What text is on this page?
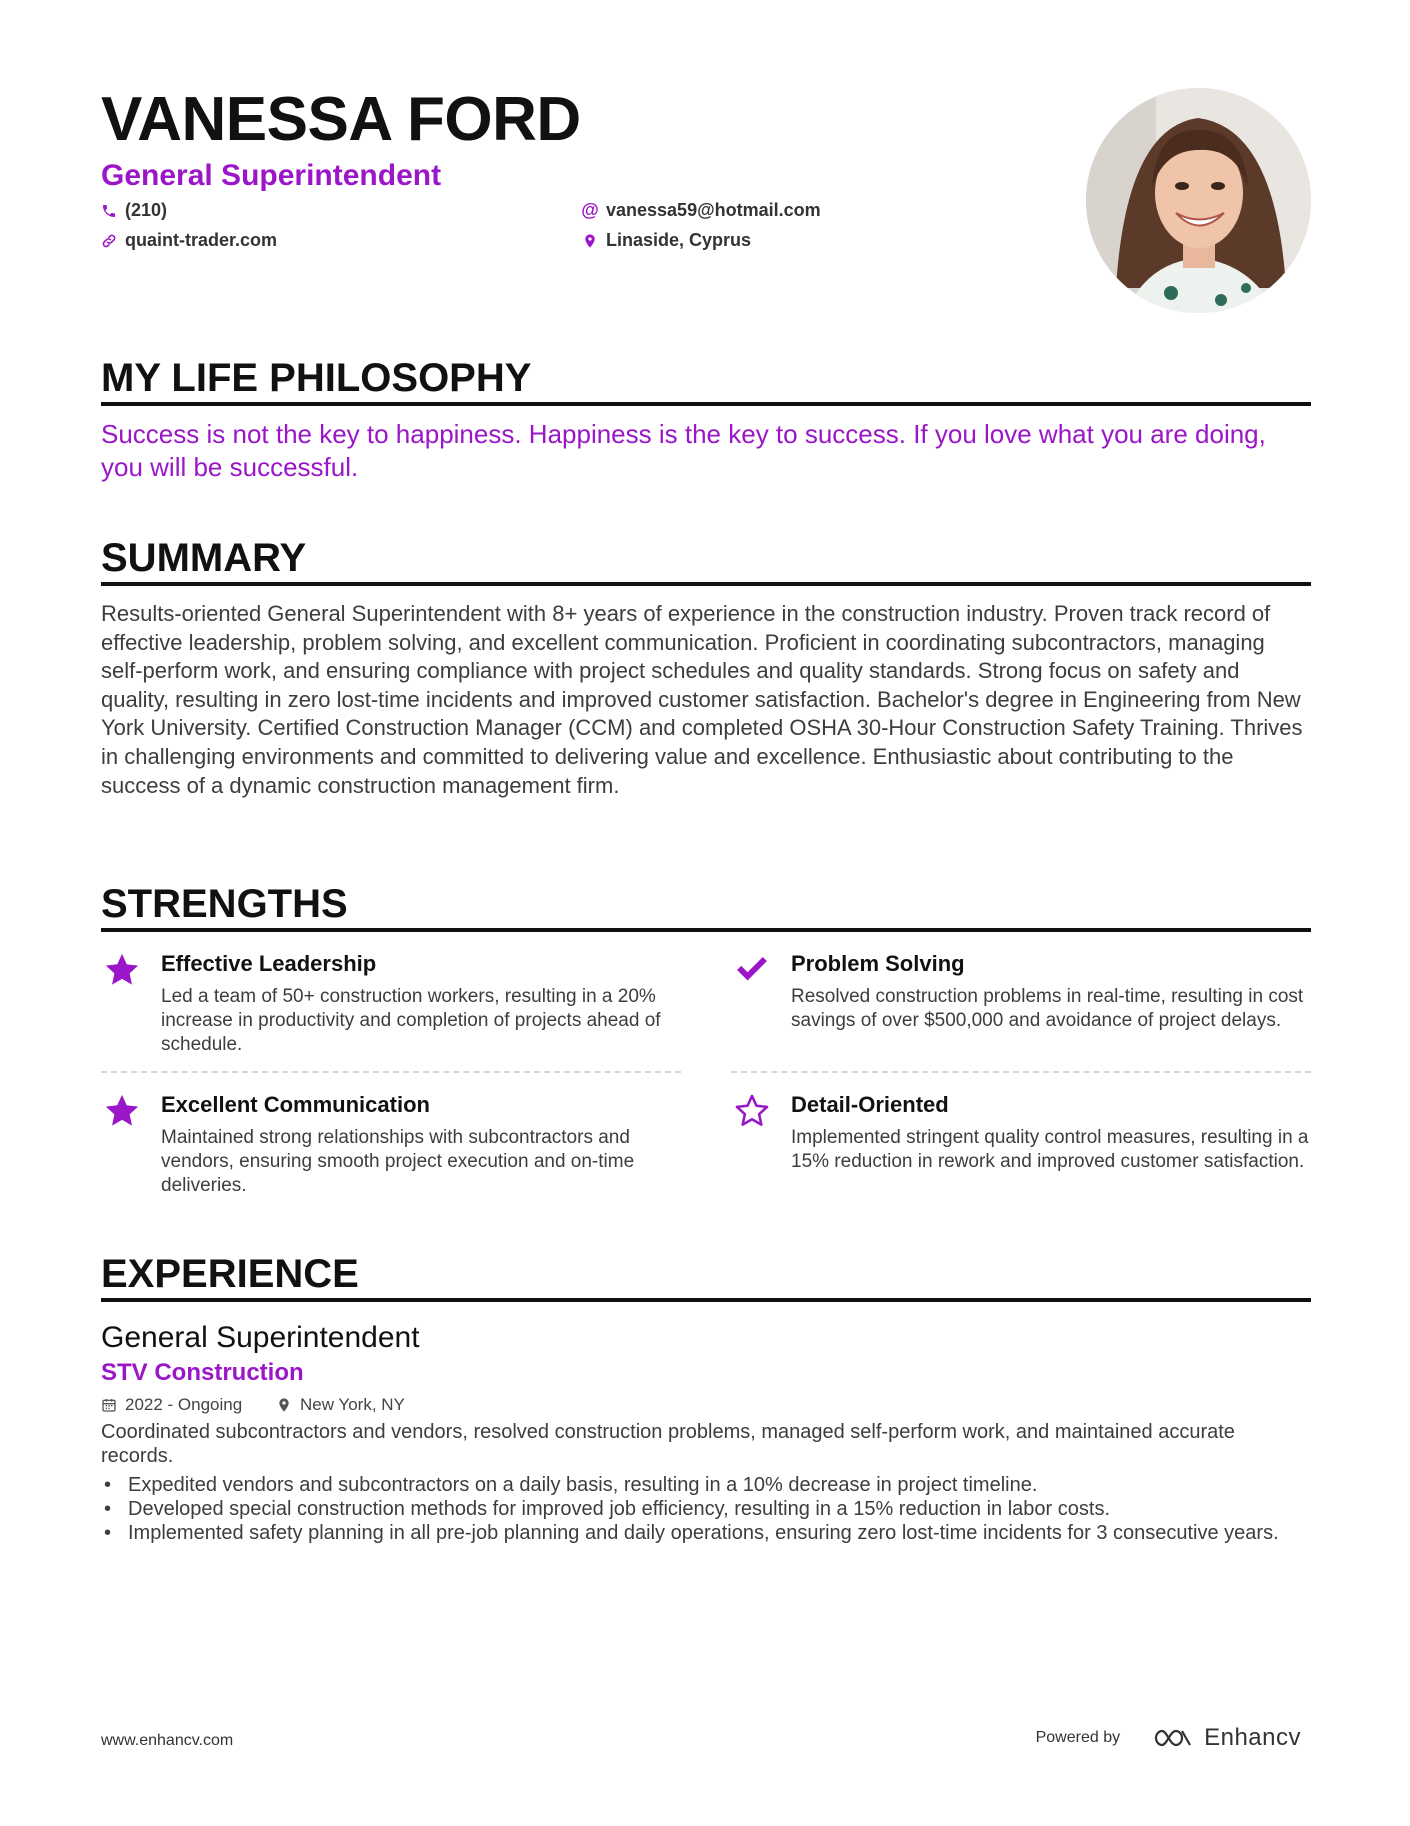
VANESSA FORD
General Superintendent
(210)
quaint-trader.com
@ vanessa59@hotmail.com
Linaside, Cyprus
MY LIFE PHILOSOPHY
Success is not the key to happiness. Happiness is the key to success. If you love what you are doing, you will be successful.
SUMMARY
Results-oriented General Superintendent with 8+ years of experience in the construction industry. Proven track record of effective leadership, problem solving, and excellent communication. Proficient in coordinating subcontractors, managing self-perform work, and ensuring compliance with project schedules and quality standards. Strong focus on safety and quality, resulting in zero lost-time incidents and improved customer satisfaction. Bachelor's degree in Engineering from New York University. Certified Construction Manager (CCM) and completed OSHA 30-Hour Construction Safety Training. Thrives in challenging environments and committed to delivering value and excellence. Enthusiastic about contributing to the success of a dynamic construction management firm.
STRENGTHS
Effective Leadership
Led a team of 50+ construction workers, resulting in a 20% increase in productivity and completion of projects ahead of schedule.
Problem Solving
Resolved construction problems in real-time, resulting in cost savings of over $500,000 and avoidance of project delays.
Excellent Communication
Maintained strong relationships with subcontractors and vendors, ensuring smooth project execution and on-time deliveries.
Detail-Oriented
Implemented stringent quality control measures, resulting in a 15% reduction in rework and improved customer satisfaction.
EXPERIENCE
General Superintendent
STV Construction
2022 - Ongoing	New York, NY
Coordinated subcontractors and vendors, resolved construction problems, managed self-perform work, and maintained accurate records.
• Expedited vendors and subcontractors on a daily basis, resulting in a 10% decrease in project timeline.
• Developed special construction methods for improved job efficiency, resulting in a 15% reduction in labor costs.
• Implemented safety planning in all pre-job planning and daily operations, ensuring zero lost-time incidents for 3 consecutive years.
www.enhancv.com	Powered by	Enhancv
